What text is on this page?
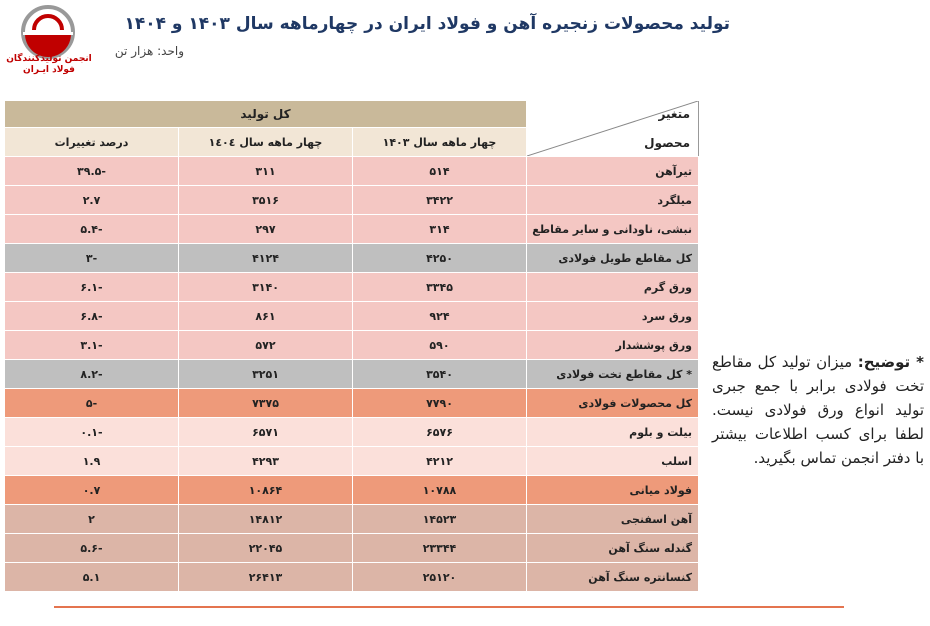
تولید محصولات زنجیره آهن و فولاد ایران در چهارماهه سال ۱۴۰۳ و ۱۴۰۴
انجمن تولیدکنندگان
فولاد ایـران
واحد: هزار تن
متغیر
محصول	کل تولید		
	چهار ماهه سال ۱۴۰۳	چهار ماهه سال ۱٤۰٤	درصد تغییرات
تیرآهن	۵۱۴	۳۱۱	-۳۹.۵
میلگرد	۳۴۲۲	۳۵۱۶	۲.۷
نبشی، ناودانی و سایر مقاطع	۳۱۴	۲۹۷	-۵.۴
کل مقاطع طویل فولادی	۴۲۵۰	۴۱۲۴	-۳
ورق گرم	۳۳۴۵	۳۱۴۰	-۶.۱
ورق سرد	۹۲۴	۸۶۱	-۶.۸
ورق پوششدار	۵۹۰	۵۷۲	-۳.۱
* کل مقاطع تخت فولادی	۳۵۴۰	۳۲۵۱	-۸.۲
کل محصولات فولادی	۷۷۹۰	۷۳۷۵	-۵
بیلت و بلوم	۶۵۷۶	۶۵۷۱	-۰.۱
اسلب	۴۲۱۲	۴۲۹۳	۱.۹
فولاد میانی	۱۰۷۸۸	۱۰۸۶۴	۰.۷
آهن اسفنجی	۱۴۵۲۳	۱۴۸۱۲	۲
گندله سنگ آهن	۲۳۳۴۴	۲۲۰۴۵	-۵.۶
کنسانتره سنگ آهن	۲۵۱۲۰	۲۶۴۱۳	۵.۱
* توضیح: میزان تولید کل مقاطع تخت فولادی برابر با جمع جبری تولید انواع ورق فولادی نیست. لطفا برای کسب اطلاعات بیشتر با دفتر انجمن تماس بگیرید.
